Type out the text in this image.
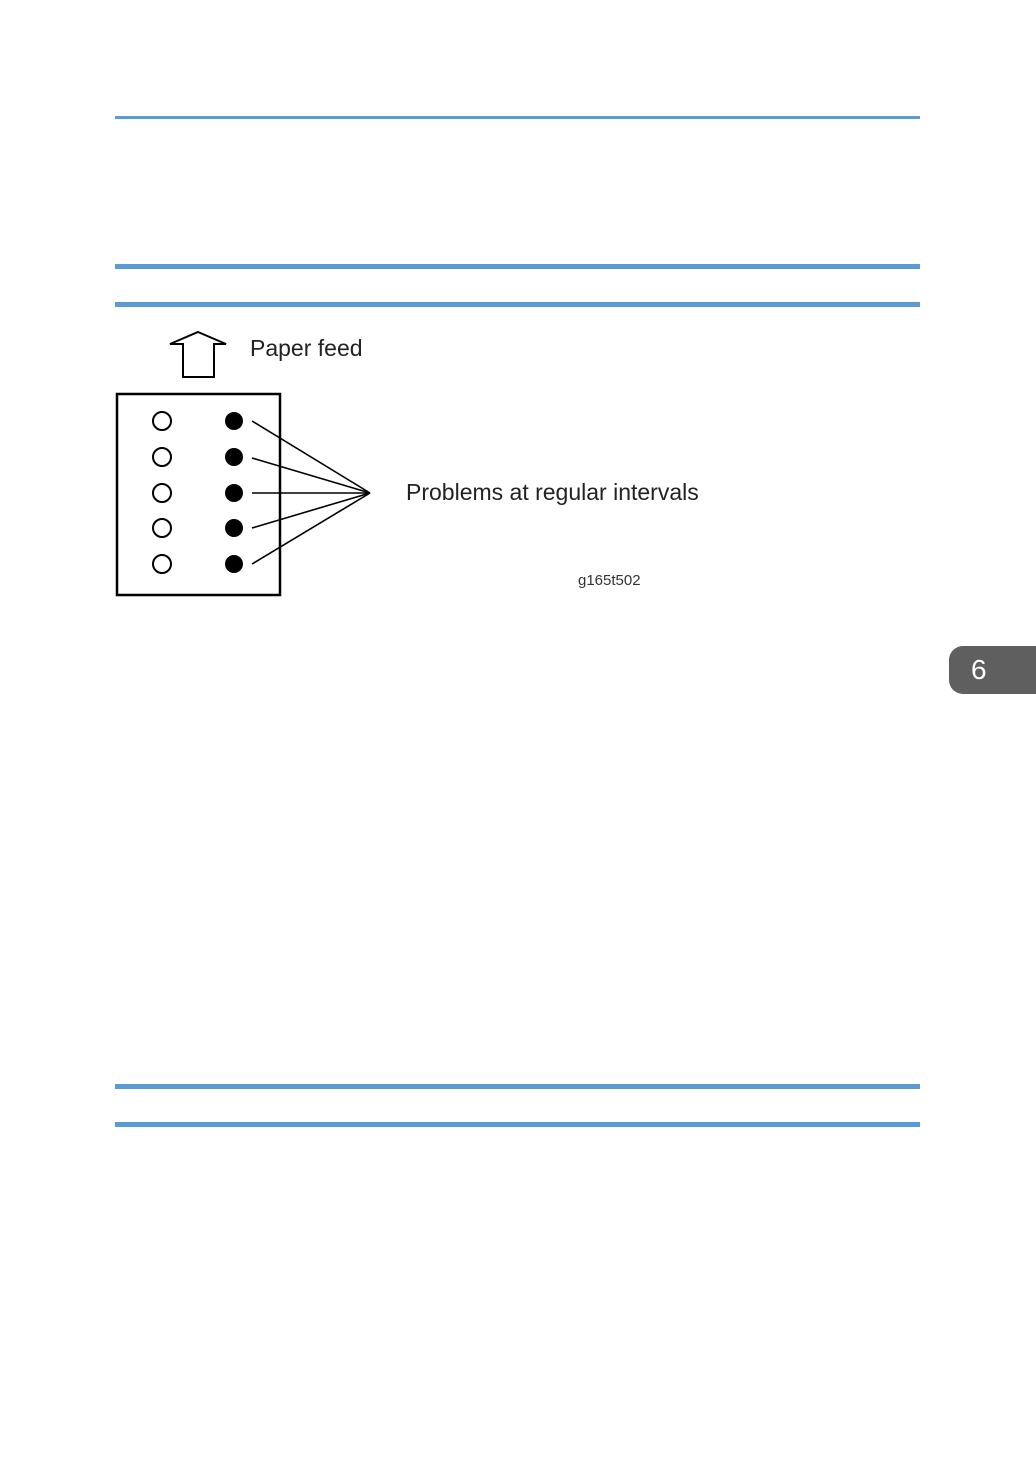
Paper feed
Problems at regular intervals
g165t502
6
